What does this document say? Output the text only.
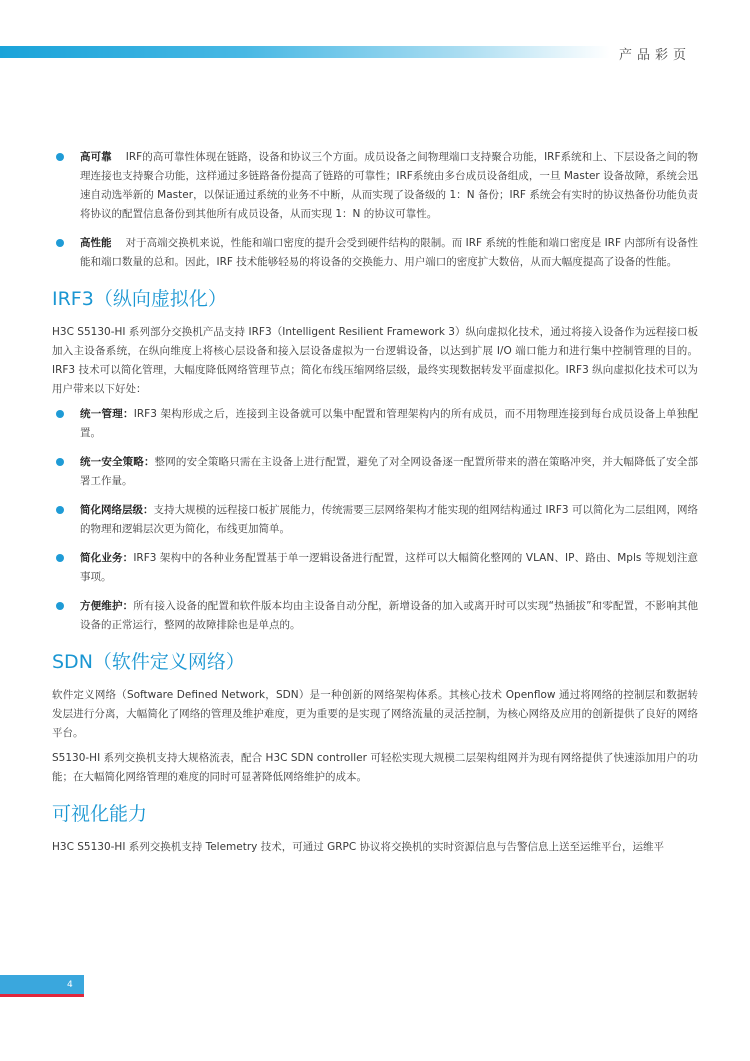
产品彩页
高可靠 IRF的高可靠性体现在链路，设备和协议三个方面。成员设备之间物理端口支持聚合功能，IRF系统和上、下层设备之间的物理连接也支持聚合功能，这样通过多链路备份提高了链路的可靠性；IRF系统由多台成员设备组成，一旦 Master 设备故障，系统会迅速自动选举新的 Master，以保证通过系统的业务不中断，从而实现了设备级的 1：N 备份；IRF 系统会有实时的协议热备份功能负责将协议的配置信息备份到其他所有成员设备，从而实现 1：N 的协议可靠性。
高性能 对于高端交换机来说，性能和端口密度的提升会受到硬件结构的限制。而 IRF 系统的性能和端口密度是 IRF 内部所有设备性能和端口数量的总和。因此，IRF 技术能够轻易的将设备的交换能力、用户端口的密度扩大数倍，从而大幅度提高了设备的性能。
IRF3（纵向虚拟化）

H3C S5130-HI 系列部分交换机产品支持 IRF3（Intelligent Resilient Framework 3）纵向虚拟化技术，通过将接入设备作为远程接口板加入主设备系统，在纵向维度上将核心层设备和接入层设备虚拟为一台逻辑设备，以达到扩展 I/O 端口能力和进行集中控制管理的目的。IRF3 技术可以简化管理，大幅度降低网络管理节点；简化布线压缩网络层级，最终实现数据转发平面虚拟化。IRF3 纵向虚拟化技术可以为用户带来以下好处：

统一管理：IRF3 架构形成之后，连接到主设备就可以集中配置和管理架构内的所有成员，而不用物理连接到每台成员设备上单独配置。
统一安全策略：整网的安全策略只需在主设备上进行配置，避免了对全网设备逐一配置所带来的潜在策略冲突，并大幅降低了安全部署工作量。
简化网络层级：支持大规模的远程接口板扩展能力，传统需要三层网络架构才能实现的组网结构通过 IRF3 可以简化为二层组网，网络的物理和逻辑层次更为简化，布线更加简单。
简化业务：IRF3 架构中的各种业务配置基于单一逻辑设备进行配置，这样可以大幅简化整网的 VLAN、IP、路由、Mpls 等规划注意事项。
方便维护：所有接入设备的配置和软件版本均由主设备自动分配，新增设备的加入或离开时可以实现“热插拔”和零配置，不影响其他设备的正常运行，整网的故障排除也是单点的。
SDN（软件定义网络）

软件定义网络（Software Defined Network，SDN）是一种创新的网络架构体系。其核心技术 Openflow 通过将网络的控制层和数据转发层进行分离，大幅简化了网络的管理及维护难度，更为重要的是实现了网络流量的灵活控制，为核心网络及应用的创新提供了良好的网络平台。

S5130-HI 系列交换机支持大规格流表，配合 H3C SDN controller 可轻松实现大规模二层架构组网并为现有网络提供了快速添加用户的功能；在大幅简化网络管理的难度的同时可显著降低网络维护的成本。

可视化能力

H3C S5130-HI 系列交换机支持 Telemetry 技术，可通过 GRPC 协议将交换机的实时资源信息与告警信息上送至运维平台，运维平

4
